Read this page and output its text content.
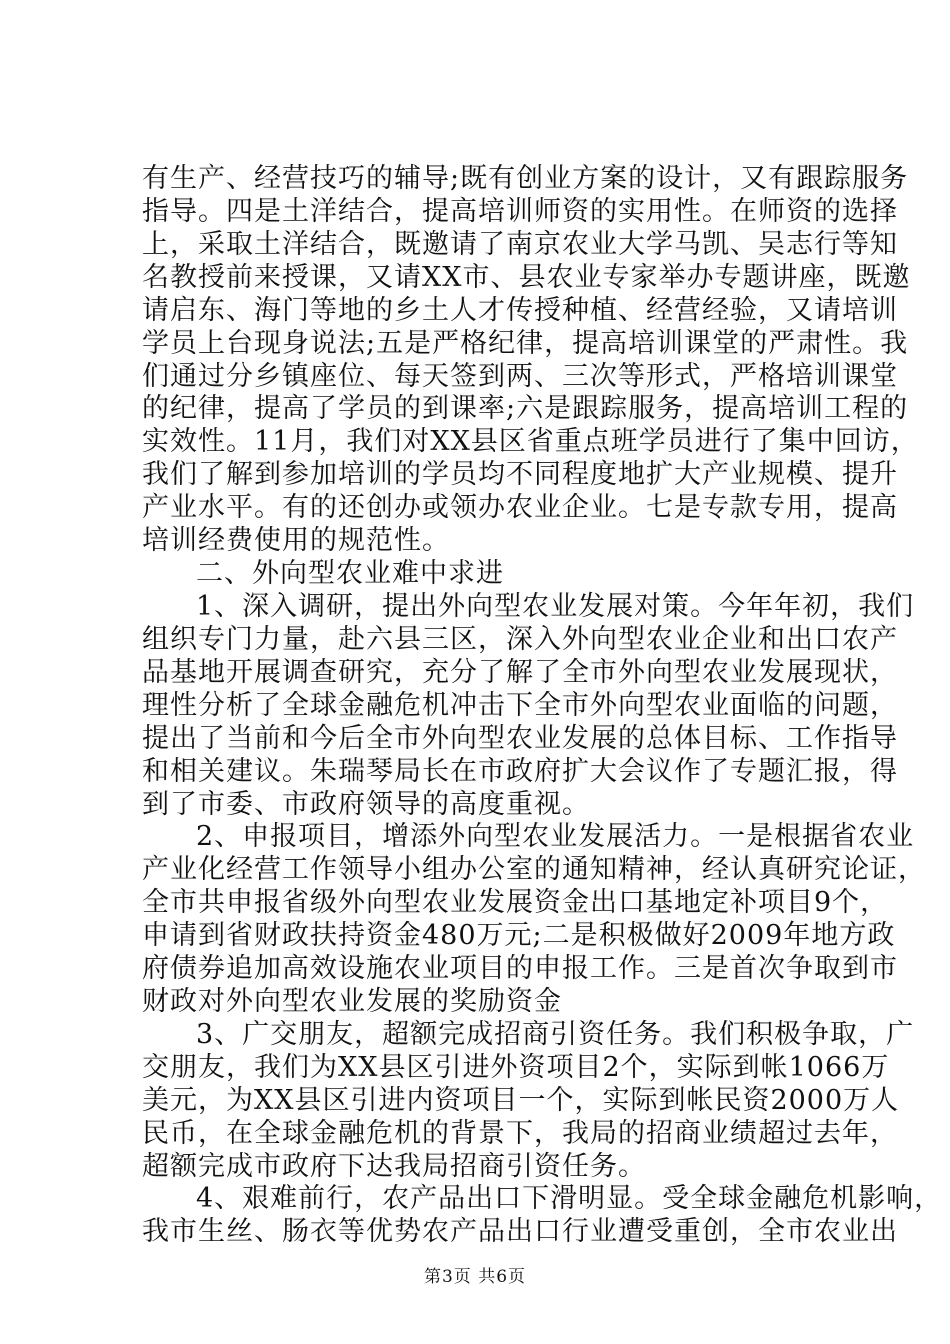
有生产、经营技巧的辅导;既有创业方案的设计，又有跟踪服务
指导。四是土洋结合，提高培训师资的实用性。在师资的选择
上，采取土洋结合，既邀请了南京农业大学马凯、吴志行等知
名教授前来授课，又请XX市、县农业专家举办专题讲座，既邀
请启东、海门等地的乡土人才传授种植、经营经验，又请培训
学员上台现身说法;五是严格纪律，提高培训课堂的严肃性。我
们通过分乡镇座位、每天签到两、三次等形式，严格培训课堂
的纪律，提高了学员的到课率;六是跟踪服务，提高培训工程的
实效性。11月，我们对XX县区省重点班学员进行了集中回访，
我们了解到参加培训的学员均不同程度地扩大产业规模、提升
产业水平。有的还创办或领办农业企业。七是专款专用，提高
培训经费使用的规范性。
二、外向型农业难中求进
1、深入调研，提出外向型农业发展对策。今年年初，我们
组织专门力量，赴六县三区，深入外向型农业企业和出口农产
品基地开展调查研究，充分了解了全市外向型农业发展现状，
理性分析了全球金融危机冲击下全市外向型农业面临的问题，
提出了当前和今后全市外向型农业发展的总体目标、工作指导
和相关建议。朱瑞琴局长在市政府扩大会议作了专题汇报，得
到了市委、市政府领导的高度重视。
2、申报项目，增添外向型农业发展活力。一是根据省农业
产业化经营工作领导小组办公室的通知精神，经认真研究论证，
全市共申报省级外向型农业发展资金出口基地定补项目9个，
申请到省财政扶持资金480万元;二是积极做好2009年地方政
府债券追加高效设施农业项目的申报工作。三是首次争取到市
财政对外向型农业发展的奖励资金
3、广交朋友，超额完成招商引资任务。我们积极争取，广
交朋友，我们为XX县区引进外资项目2个，实际到帐1066万
美元，为XX县区引进内资项目一个，实际到帐民资2000万人
民币，在全球金融危机的背景下，我局的招商业绩超过去年，
超额完成市政府下达我局招商引资任务。
4、艰难前行，农产品出口下滑明显。受全球金融危机影响，
我市生丝、肠衣等优势农产品出口行业遭受重创，全市农业出
第3页 共6页
